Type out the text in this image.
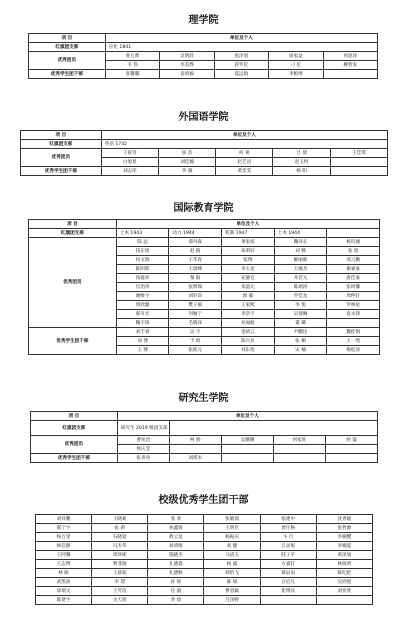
理学院
项 目	单位及个人				
红旗团支部	应化 1841				
优秀团员	张万新	吴明涯	张泽旭	屈家益	何思泽
	韦 伟	李美烨	蒋罗佗	刁 佗	柳智发
优秀学生团干部	张馨馨	袁靖毅	夏远航	李粮博	
外国语学院
项 目	单位及个人				
红旗团支部	英语 1742				
优秀团员	王锐奇	屈 浩	何 祖	吕 倩	王佳琪
	白旭星	刘佳楠	赵艺语	赵玉恒	
优秀学生团干部	刘志彤	李 薇	黄雯雯	杨 阳	
国际教育学院
项 目	单位及个人				
红旗团支部	土木 1943	动力 1944	机制 1947	土木 1944	
优秀团员	陈 远	谭丹森	须家炫	鞠泽长	杨钧涵
	钱东旭	赵 路	朱明轩	刘 腾	张 旭
	何文瑞	王华青	张博	解丽新	邓云鹏
	陈明辉	王瑞峰	李玉龙	王缘杰	谢嘉豪
	钱诞祥	黎 阳	充静宜	井若元	唐佳豪
	官治涛	张明瑞	朱韶元	陈炳涛	张珂馨
	谢维宇	刘轩昂	郭 葡	罗佳龙	周仲轩
	周欣懿	樊子毅	王家熙	李 悦	罗林星
	郝舟光	何婉宁	李浩宇	吴倩琳	袁永锋
	鞠宇琦	毛晓泽	孙加航	董 卿	
优秀学生团干部	刘丰睿	吴 宇	金靖云	尹鹏达	魏桂钢
	刘 博	于 晗	陈兴业	张 桐	王一然
	王 博	张皓元	刘东旭	宋 楠	梅松涛
研究生学院
项 目	单位及个人				
红旗团支部	研究生 2019 级团支部				
优秀团员	曹宛治	柯 娇	吴珊珊	何家旺	何 镜
	侯庆莹				
优秀学生团干部	张喜喜	刘邢水			
校级优秀学生团干部
刘祥鹏	王晓莉	张 欢	张敏润	张建中	沈香媛
郝宁宇	张 莉	孙鑫锐	王明臣	贾仔格	张哲源
杨万里	石晓爱	敖云龙	杨振庆	卞 行	李婉樱
杨佳静	冯杰华	易靖维	刘 健	吕灵妮	李婉夏
王阿馨	周珍妮	施晓杰	马清玉	肢子平	黄泽旭
王志博	曹菲源	孔德淼	杨 露	方嘉轩	林海明
林 眠	王晨韬	孔德畅	韩怡飞	葛辰雨	陈纪伦
武凯欲	李 璟	孙 锐	陈 斌	白启凡	吴欣悦
徐瑞文	王芳洁	任 毅	曹思颖	崔博泽	刘亚欣
陈建宇	关天骄	李 琦	吕泽野		
